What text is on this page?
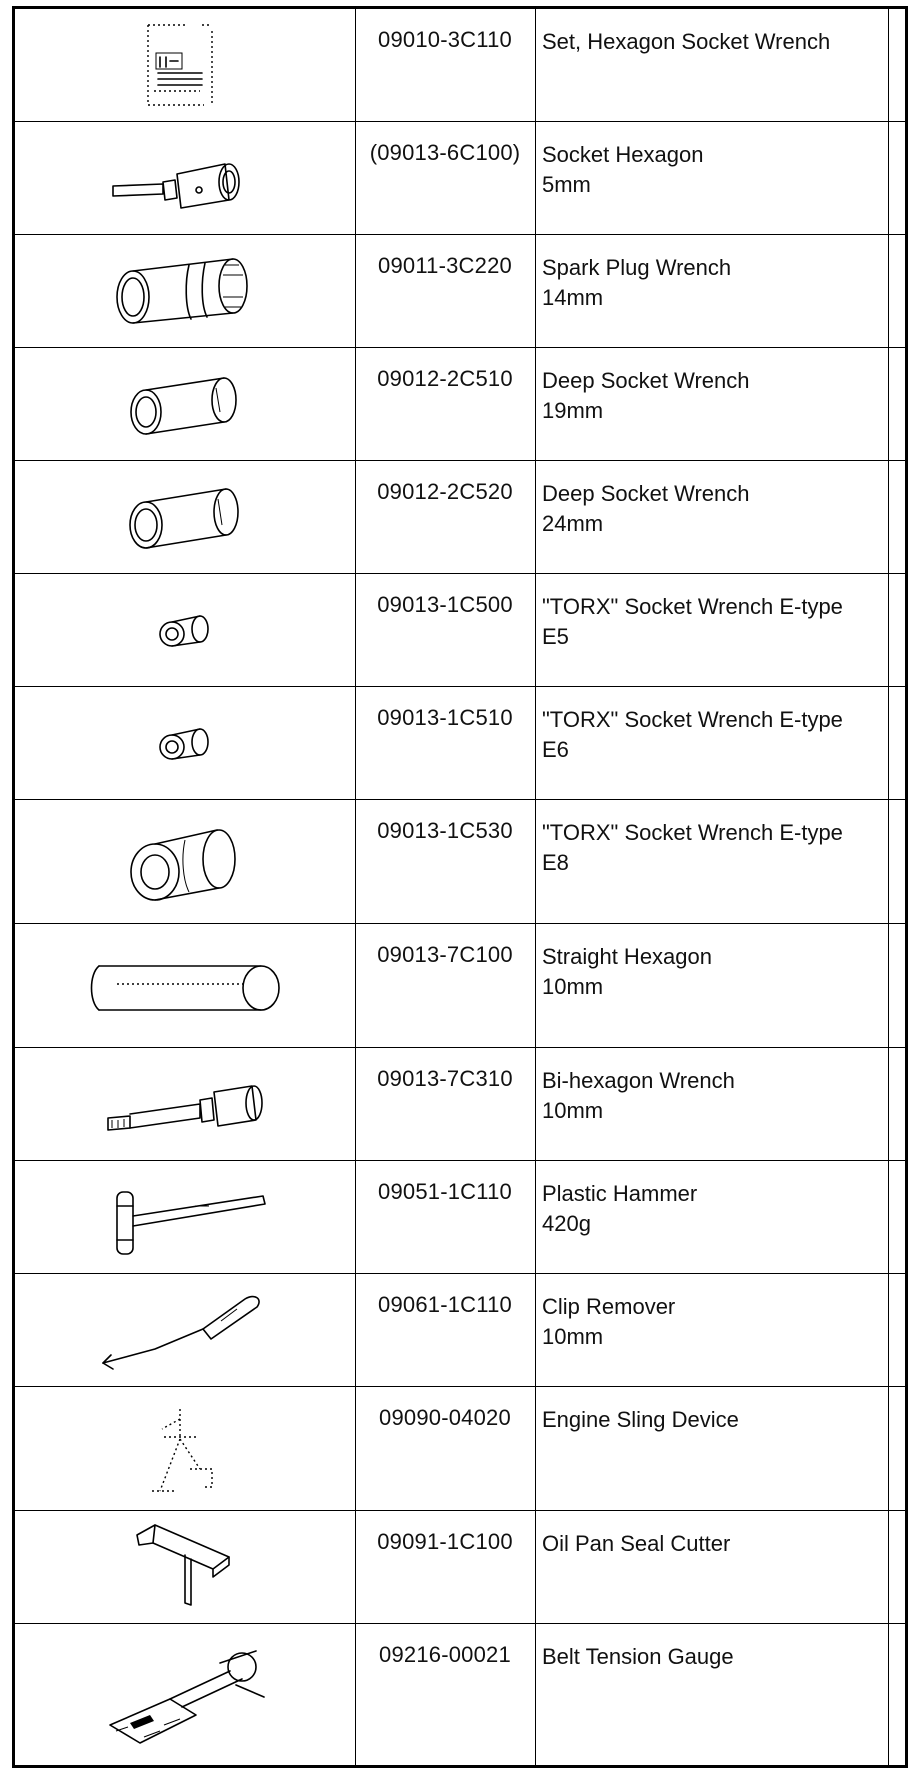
09010-3C110	Set, Hexagon Socket Wrench
(09013-6C100) Socket Hexagon
5mm
09011-3C220	Spark Plug Wrench
14mm
09012-2C510	Deep Socket Wrench
19mm
09012-2C520	Deep Socket Wrench
24mm
09013-1C500	"TORX" Socket Wrench E-type
E5
09013-1C510	"TORX" Socket Wrench E-type
E6
09013-1C530	"TORX" Socket Wrench E-type
E8
09013-7C100	Straight Hexagon
10mm
09013-7C310	Bi-hexagon Wrench
10mm
09051-1C110	Plastic Hammer
420g
09061-1C110	Clip Remover
10mm
09090-04020	Engine Sling Device
09091-1C100	Oil Pan Seal Cutter
09216-00021	Belt Tension Gauge
